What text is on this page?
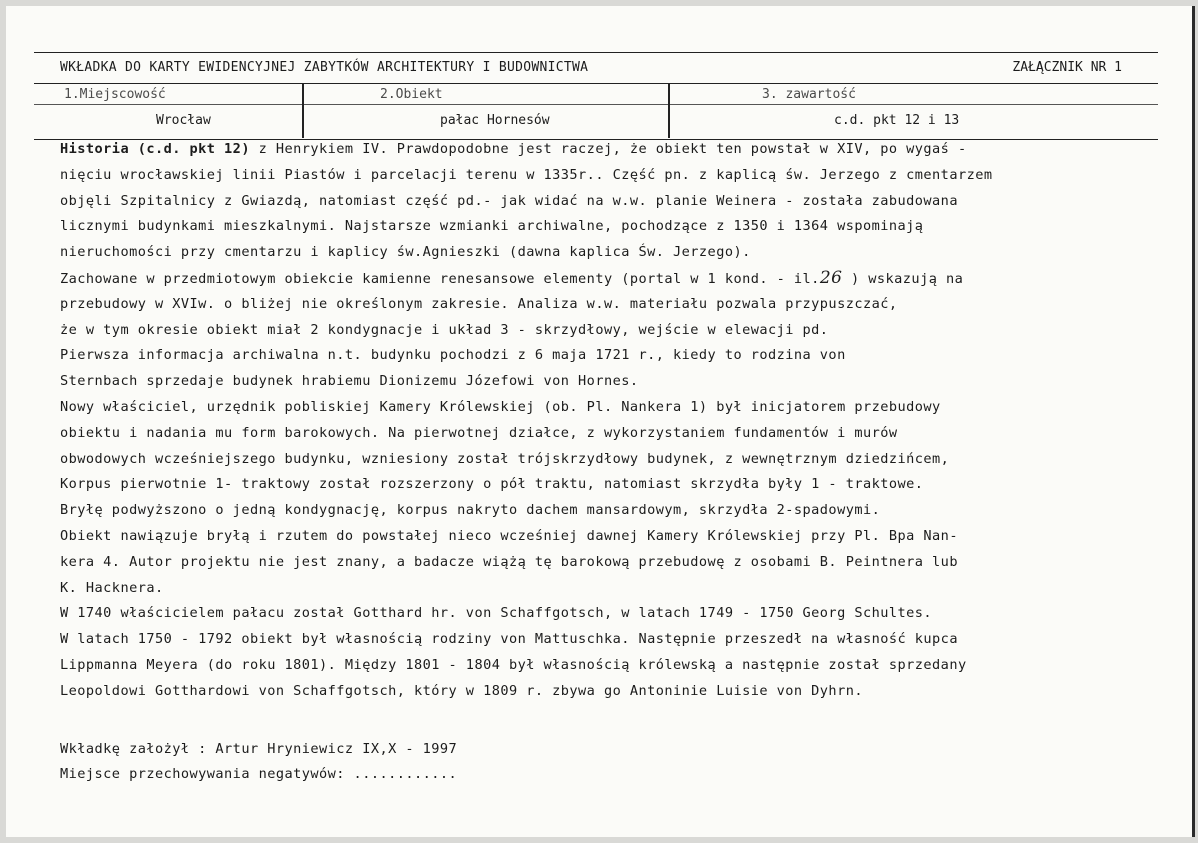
WKŁADKA DO KARTY EWIDENCYJNEJ ZABYTKÓW ARCHITEKTURY I BUDOWNICTWA	ZAŁĄCZNIK NR 1
1.Miejscowość
Wrocław
2.Obiekt
pałac Hornesów
3. zawartość
c.d. pkt 12 i 13
Historia (c.d. pkt 12) z Henrykiem IV. Prawdopodobne jest raczej, że obiekt ten powstał w XIV, po wygaś -
nięciu wrocławskiej linii Piastów i parcelacji terenu w 1335r.. Część pn. z kaplicą św. Jerzego z cmentarzem
objęli Szpitalnicy z Gwiazdą, natomiast część pd.- jak widać na w.w. planie Weinera - została zabudowana
licznymi budynkami mieszkalnymi. Najstarsze wzmianki archiwalne, pochodzące z 1350 i 1364 wspominają
nieruchomości przy cmentarzu i kaplicy św.Agnieszki (dawna kaplica Św. Jerzego).
Zachowane w przedmiotowym obiekcie kamienne renesansowe elementy (portal w 1 kond. - il.26 ) wskazują na
przebudowy w XVIw. o bliżej nie określonym zakresie. Analiza w.w. materiału pozwala przypuszczać,
że w tym okresie obiekt miał 2 kondygnacje i układ 3 - skrzydłowy, wejście w elewacji pd.
Pierwsza informacja archiwalna n.t. budynku pochodzi z 6 maja 1721 r., kiedy to rodzina von
Sternbach sprzedaje budynek hrabiemu Dionizemu Józefowi von Hornes.
Nowy właściciel, urzędnik pobliskiej Kamery Królewskiej (ob. Pl. Nankera 1) był inicjatorem przebudowy
obiektu i nadania mu form barokowych. Na pierwotnej działce, z wykorzystaniem fundamentów i murów
obwodowych wcześniejszego budynku, wzniesiony został trójskrzydłowy budynek, z wewnętrznym dziedzińcem,
Korpus pierwotnie 1- traktowy został rozszerzony o pół traktu, natomiast skrzydła były 1 - traktowe.
Bryłę podwyższono o jedną kondygnację, korpus nakryto dachem mansardowym, skrzydła 2-spadowymi.
Obiekt nawiązuje bryłą i rzutem do powstałej nieco wcześniej dawnej Kamery Królewskiej przy Pl. Bpa Nan-
kera 4. Autor projektu nie jest znany, a badacze wiążą tę barokową przebudowę z osobami B. Peintnera lub
K. Hacknera.
W 1740 właścicielem pałacu został Gotthard hr. von Schaffgotsch, w latach 1749 - 1750 Georg Schultes.
W latach 1750 - 1792 obiekt był własnością rodziny von Mattuschka. Następnie przeszedł na własność kupca
Lippmanna Meyera (do roku 1801). Między 1801 - 1804 był własnością królewską a następnie został sprzedany
Leopoldowi Gotthardowi von Schaffgotsch, który w 1809 r. zbywa go Antoninie Luisie von Dyhrn.
Wkładkę założył : Artur Hryniewicz IX,X - 1997
Miejsce przechowywania negatywów: ............
